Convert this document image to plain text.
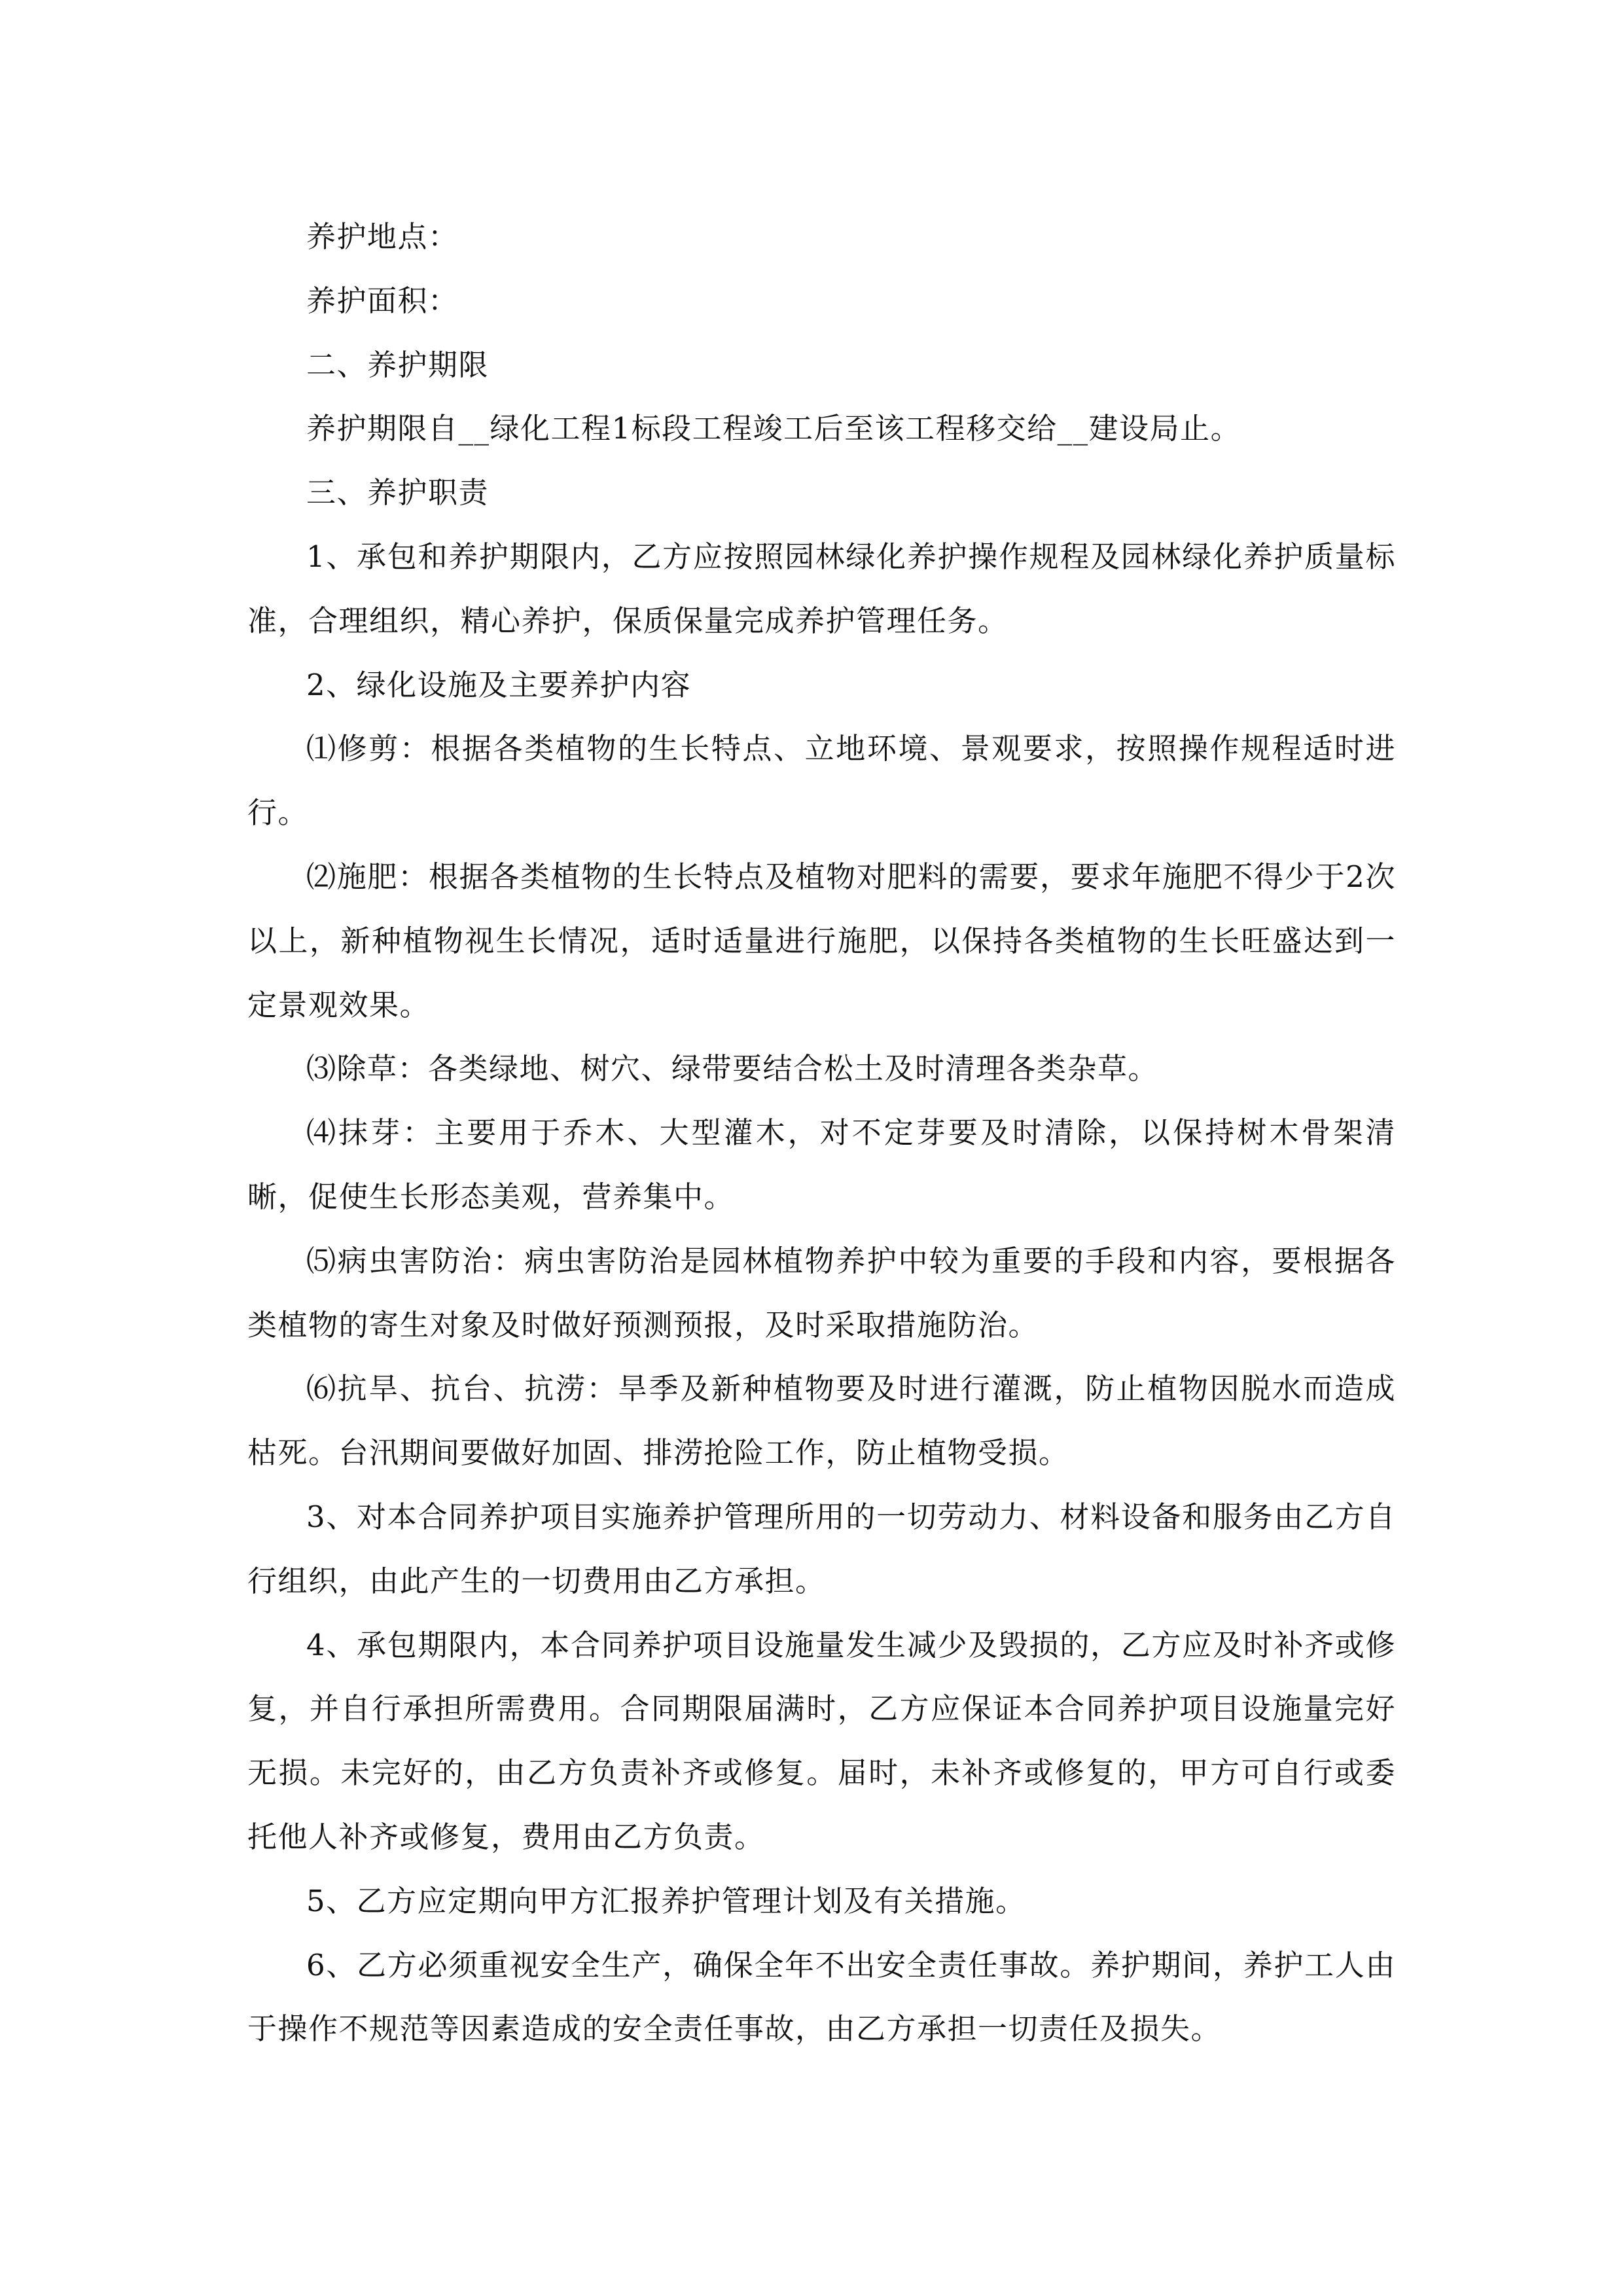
养护地点：

养护面积：

二、养护期限

养护期限自__绿化工程1标段工程竣工后至该工程移交给__建设局止。

三、养护职责

1、承包和养护期限内，乙方应按照园林绿化养护操作规程及园林绿化养护质量标准，合理组织，精心养护，保质保量完成养护管理任务。

2、绿化设施及主要养护内容

⑴修剪：根据各类植物的生长特点、立地环境、景观要求，按照操作规程适时进行。

⑵施肥：根据各类植物的生长特点及植物对肥料的需要，要求年施肥不得少于2次以上，新种植物视生长情况，适时适量进行施肥，以保持各类植物的生长旺盛达到一定景观效果。

⑶除草：各类绿地、树穴、绿带要结合松土及时清理各类杂草。

⑷抹芽：主要用于乔木、大型灌木，对不定芽要及时清除，以保持树木骨架清晰，促使生长形态美观，营养集中。

⑸病虫害防治：病虫害防治是园林植物养护中较为重要的手段和内容，要根据各类植物的寄生对象及时做好预测预报，及时采取措施防治。

⑹抗旱、抗台、抗涝：旱季及新种植物要及时进行灌溉，防止植物因脱水而造成枯死。台汛期间要做好加固、排涝抢险工作，防止植物受损。

3、对本合同养护项目实施养护管理所用的一切劳动力、材料设备和服务由乙方自行组织，由此产生的一切费用由乙方承担。

4、承包期限内，本合同养护项目设施量发生减少及毁损的，乙方应及时补齐或修复，并自行承担所需费用。合同期限届满时，乙方应保证本合同养护项目设施量完好无损。未完好的，由乙方负责补齐或修复。届时，未补齐或修复的，甲方可自行或委托他人补齐或修复，费用由乙方负责。

5、乙方应定期向甲方汇报养护管理计划及有关措施。

6、乙方必须重视安全生产，确保全年不出安全责任事故。养护期间，养护工人由于操作不规范等因素造成的安全责任事故，由乙方承担一切责任及损失。
